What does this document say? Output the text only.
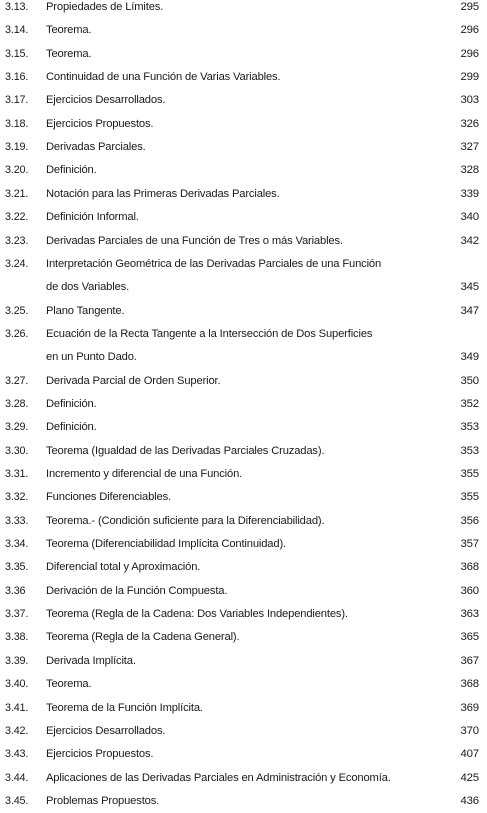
3.13. Propiedades de Límites.	295
3.14. Teorema.	296
3.15. Teorema.	296
3.16. Continuidad de una Función de Varias Variables.	299
3.17. Ejercicios Desarrollados.	303
3.18. Ejercicios Propuestos.	326
3.19. Derivadas Parciales.	327
3.20. Definición.	328
3.21. Notación para las Primeras Derivadas Parciales.	339
3.22. Definición Informal.	340
3.23. Derivadas Parciales de una Función de Tres o más Variables.	342
3.24. Interpretación Geométrica de las Derivadas Parciales de una Función
de dos Variables.	345
3.25. Plano Tangente.	347
3.26. Ecuación de la Recta Tangente a la Intersección de Dos Superficies
en un Punto Dado.	349
3.27. Derivada Parcial de Orden Superior.	350
3.28. Definición.	352
3.29. Definición.	353
3.30. Teorema (Igualdad de las Derivadas Parciales Cruzadas).	353
3.31. Incremento y diferencial de una Función.	355
3.32. Funciones Diferenciables.	355
3.33. Teorema.- (Condición suficiente para la Diferenciabilidad).	356
3.34. Teorema (Diferenciabilidad Implícita Continuidad).	357
3.35. Diferencial total y Aproximación.	368
3.36 Derivación de la Función Compuesta.	360
3.37. Teorema (Regla de la Cadena: Dos Variables Independientes).	363
3.38. Teorema (Regla de la Cadena General).	365
3.39. Derivada Implícita.	367
3.40. Teorema.	368
3.41. Teorema de la Función Implícita.	369
3.42. Ejercicios Desarrollados.	370
3.43. Ejercicios Propuestos.	407
3.44. Aplicaciones de las Derivadas Parciales en Administración y Economía.	425
3.45. Problemas Propuestos.	436
